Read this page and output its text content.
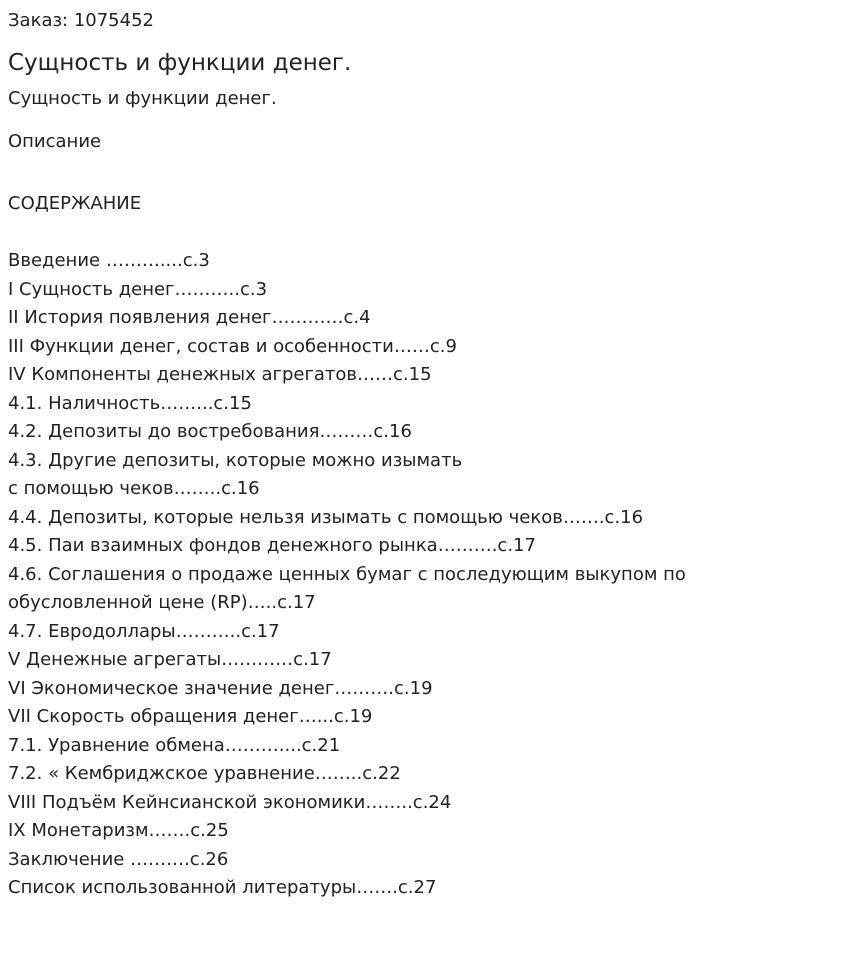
Заказ: 1075452
Сущность и функции денег.
Сущность и функции денег.
Описание
СОДЕРЖАНИЕ
Введение ………....с.3
I Сущность денег………..с.3
II История появления денег…………с.4
III Функции денег, состав и особенности……с.9
IV Компоненты денежных агрегатов……с.15
4.1. Наличность……...с.15
4.2. Депозиты до востребования………с.16
4.3. Другие депозиты, которые можно изымать
с помощью чеков……..с.16
4.4. Депозиты, которые нельзя изымать с помощью чеков…….с.16
4.5. Паи взаимных фондов денежного рынка……….с.17
4.6. Соглашения о продаже ценных бумаг с последующим выкупом по
обусловленной цене (RP)…..с.17
4.7. Евродоллары………..с.17
V Денежные агрегаты…………с.17
VI Экономическое значение денег……….с.19
VII Скорость обращения денег…...с.19
7.1. Уравнение обмена………....с.21
7.2. « Кембриджское уравнение……..с.22
VIII Подъём Кейнсианской экономики……..с.24
IX Монетаризм…….с.25
Заключение ……….с.26
Список использованной литературы…….с.27
